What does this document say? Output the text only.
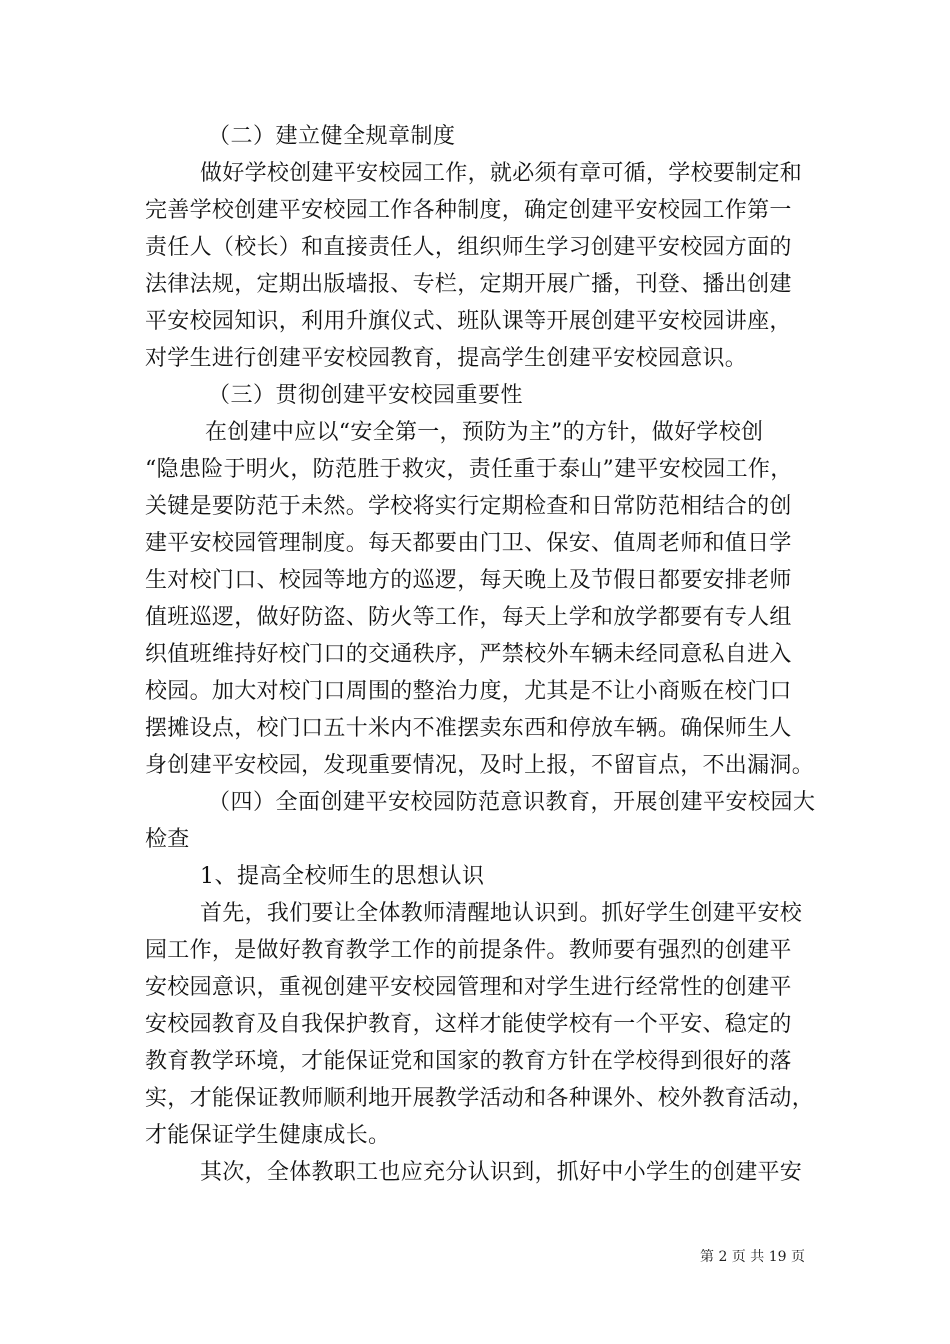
（二）建立健全规章制度
做好学校创建平安校园工作，就必须有章可循，学校要制定和
完善学校创建平安校园工作各种制度，确定创建平安校园工作第一
责任人（校长）和直接责任人，组织师生学习创建平安校园方面的
法律法规，定期出版墙报、专栏，定期开展广播，刊登、播出创建
平安校园知识，利用升旗仪式、班队课等开展创建平安校园讲座，
对学生进行创建平安校园教育，提高学生创建平安校园意识。
（三）贯彻创建平安校园重要性
在创建中应以“安全第一，预防为主”的方针，做好学校创
“隐患险于明火，防范胜于救灾，责任重于泰山”建平安校园工作，
关键是要防范于未然。学校将实行定期检查和日常防范相结合的创
建平安校园管理制度。每天都要由门卫、保安、值周老师和值日学
生对校门口、校园等地方的巡逻，每天晚上及节假日都要安排老师
值班巡逻，做好防盗、防火等工作，每天上学和放学都要有专人组
织值班维持好校门口的交通秩序，严禁校外车辆未经同意私自进入
校园。加大对校门口周围的整治力度，尤其是不让小商贩在校门口
摆摊设点，校门口五十米内不准摆卖东西和停放车辆。确保师生人
身创建平安校园，发现重要情况，及时上报，不留盲点，不出漏洞。
（四）全面创建平安校园防范意识教育，开展创建平安校园大
检查
1、提高全校师生的思想认识
首先，我们要让全体教师清醒地认识到。抓好学生创建平安校
园工作，是做好教育教学工作的前提条件。教师要有强烈的创建平
安校园意识，重视创建平安校园管理和对学生进行经常性的创建平
安校园教育及自我保护教育，这样才能使学校有一个平安、稳定的
教育教学环境，才能保证党和国家的教育方针在学校得到很好的落
实，才能保证教师顺利地开展教学活动和各种课外、校外教育活动，
才能保证学生健康成长。
其次，全体教职工也应充分认识到，抓好中小学生的创建平安
第 2 页 共 19 页
